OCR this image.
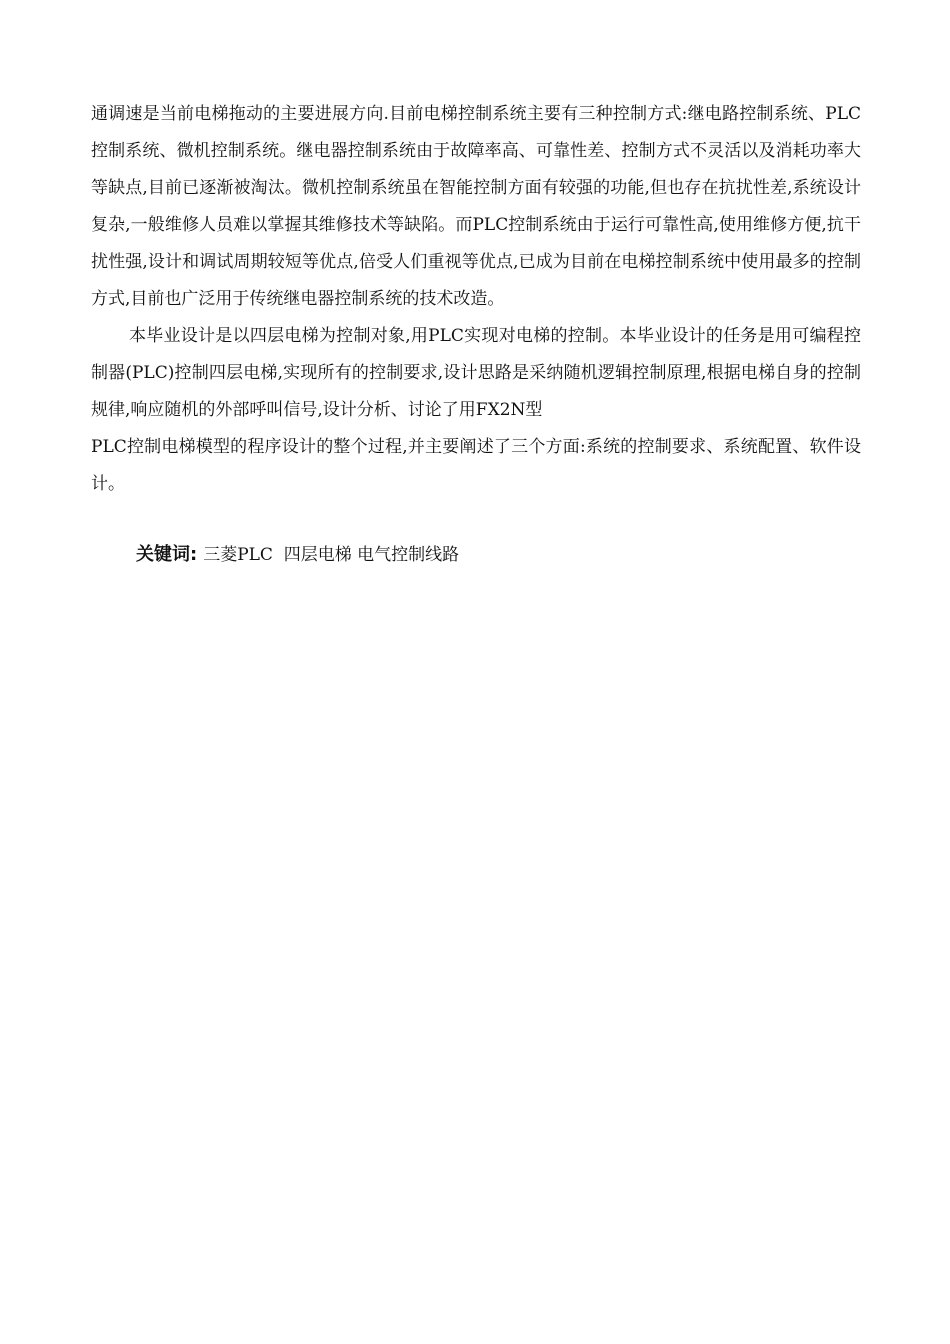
通调速是当前电梯拖动的主要进展方向.目前电梯控制系统主要有三种控制方式:继电路控制系统、PLC控制系统、微机控制系统。继电器控制系统由于故障率高、可靠性差、控制方式不灵活以及消耗功率大等缺点,目前已逐渐被淘汰。微机控制系统虽在智能控制方面有较强的功能,但也存在抗扰性差,系统设计复杂,一般维修人员难以掌握其维修技术等缺陷。而PLC控制系统由于运行可靠性高,使用维修方便,抗干扰性强,设计和调试周期较短等优点,倍受人们重视等优点,已成为目前在电梯控制系统中使用最多的控制方式,目前也广泛用于传统继电器控制系统的技术改造。

本毕业设计是以四层电梯为控制对象,用PLC实现对电梯的控制。本毕业设计的任务是用可编程控制器(PLC)控制四层电梯,实现所有的控制要求,设计思路是采纳随机逻辑控制原理,根据电梯自身的控制规律,响应随机的外部呼叫信号,设计分析、讨论了用FX2N型
PLC控制电梯模型的程序设计的整个过程,并主要阐述了三个方面:系统的控制要求、系统配置、软件设计。

关键词: 三菱PLC  四层电梯 电气控制线路
